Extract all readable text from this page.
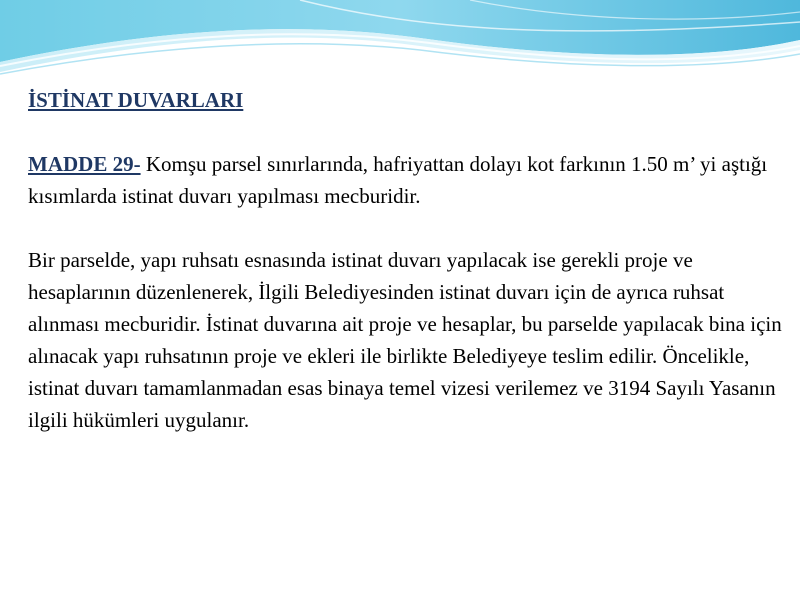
İSTİNAT DUVARLARI

MADDE 29- Komşu parsel sınırlarında, hafriyattan dolayı kot farkının 1.50 m’ yi aştığı kısımlarda istinat duvarı yapılması mecburidir.

Bir parselde, yapı ruhsatı esnasında istinat duvarı yapılacak ise gerekli proje ve hesaplarının düzenlenerek, İlgili Belediyesinden istinat duvarı için de ayrıca ruhsat alınması mecburidir. İstinat duvarına ait proje ve hesaplar, bu parselde yapılacak bina için alınacak yapı ruhsatının proje ve ekleri ile birlikte Belediyeye teslim edilir. Öncelikle, istinat duvarı tamamlanmadan esas binaya temel vizesi verilemez ve 3194 Sayılı Yasanın ilgili hükümleri uygulanır.
